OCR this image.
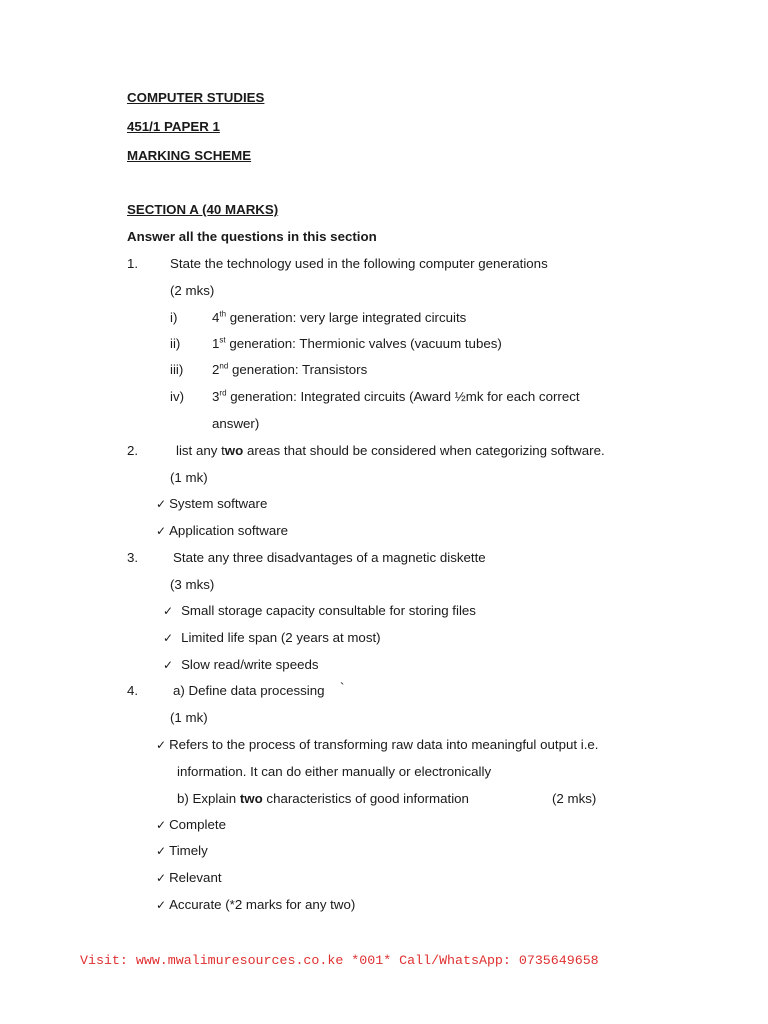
COMPUTER STUDIES
451/1 PAPER 1
MARKING SCHEME
SECTION A (40 MARKS)
Answer all the questions in this section
1. State the technology used in the following computer generations
(2 mks)
i)	4th generation: very large integrated circuits
ii) 1st generation: Thermionic valves (vacuum tubes)
iii) 2nd generation: Transistors
iv) 3rd generation: Integrated circuits (Award ½mk for each correct
answer)
2.	list any two areas that should be considered when categorizing software.
(1 mk)
✓ System software
✓ Application software
3.	State any three disadvantages of a magnetic diskette
(3 mks)
✓ Small storage capacity consultable for storing files
✓ Limited life span (2 years at most)
✓ Slow read/write speeds
4.	a) Define data processing `
(1 mk)
✓ Refers to the process of transforming raw data into meaningful output i.e.
information. It can do either manually or electronically
b) Explain two characteristics of good information	(2 mks)
✓ Complete
✓ Timely
✓ Relevant
✓ Accurate (*2 marks for any two)
Visit: www.mwalimuresources.co.ke *001* Call/WhatsApp: 0735649658
